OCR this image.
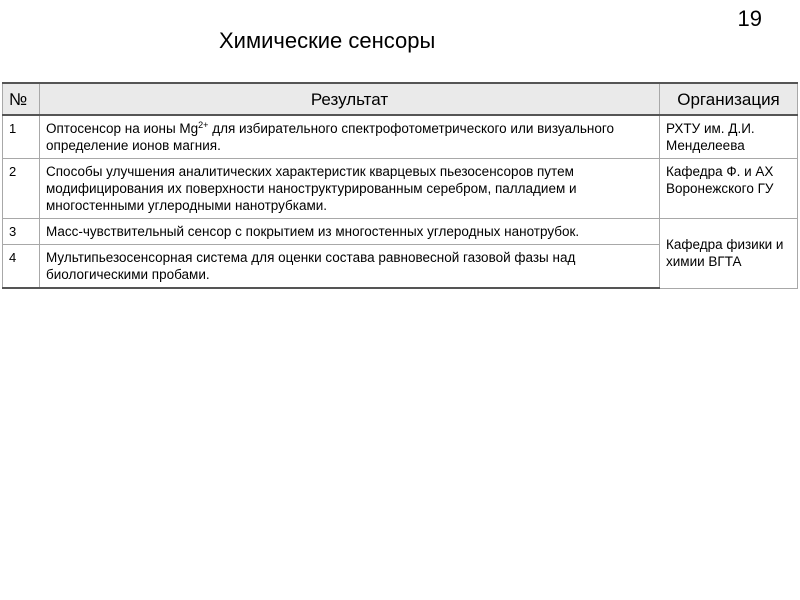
19
Химические сенсоры
№	Результат	Организация
1	Оптосенсор на ионы $Mg^{2+}$ для избирательного спектрофотометрического или визуального определение ионов магния.	РХТУ им. Д.И. Менделеева
2	Способы улучшения аналитических характеристик кварцевых пьезосенсоров путем модифицирования их поверхности наноструктурированным серебром, палладием и многостенными углеродными нанотрубками.	Кафедра Ф. и АХ Воронежского ГУ
3	Масс-чувствительный сенсор с покрытием из многостенных углеродных нанотрубок.	Кафедра физики и химии ВГТА
4	Мультипьезосенсорная система для оценки состава равновесной газовой фазы над биологическими пробами.	
